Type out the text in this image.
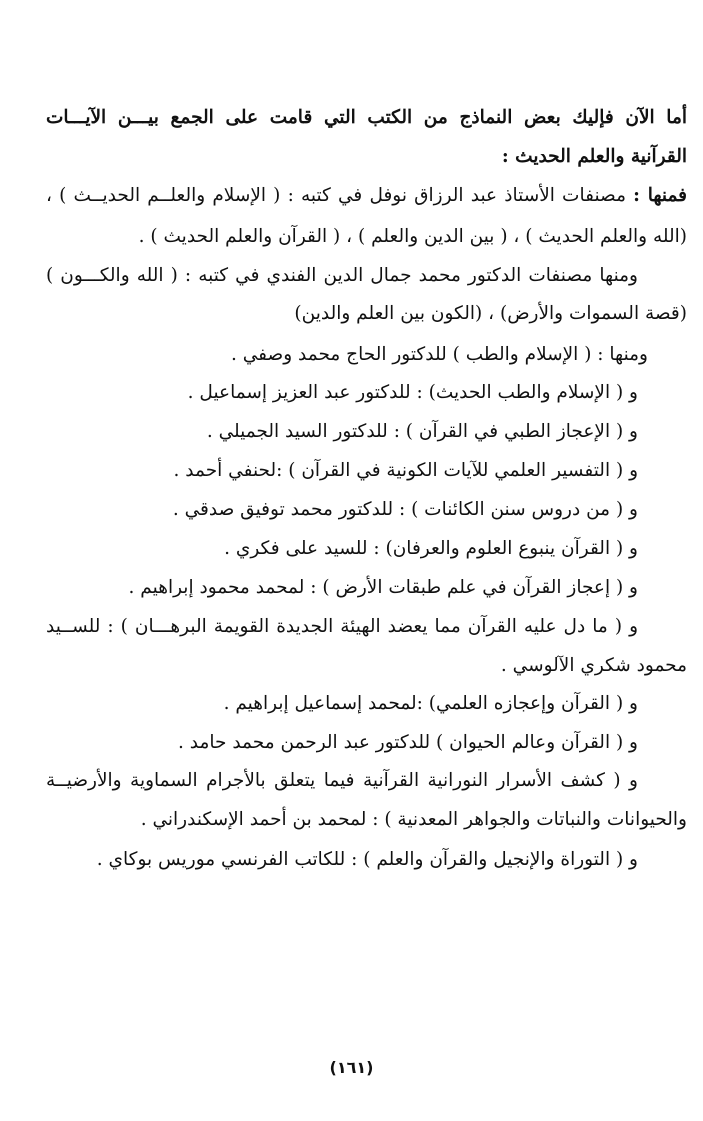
أما الآن فإليك بعض النماذج من الكتب التي قامت على الجمع بيـــن الآيـــات
القرآنية والعلم الحديث :
فمنها : مصنفات الأستاذ عبد الرزاق نوفل في كتبه : ( الإسلام والعلــم الحديــث ) ،
(الله والعلم الحديث ) ، ( بين الدين والعلم ) ، ( القرآن والعلم الحديث ) .
ومنها مصنفات الدكتور محمد جمال الدين الفندي في كتبه : ( الله والكـــون )
(قصة السموات والأرض) ، (الكون بين العلم والدين)
ومنها : ( الإسلام والطب ) للدكتور الحاج محمد وصفي .
و ( الإسلام والطب الحديث) : للدكتور عبد العزيز إسماعيل .
و ( الإعجاز الطبي في القرآن ) : للدكتور السيد الجميلي .
و ( التفسير العلمي للآيات الكونية في القرآن ) :لحنفي أحمد .
و ( من دروس سنن الكائنات ) : للدكتور محمد توفيق صدقي .
و ( القرآن ينبوع العلوم والعرفان) : للسيد على فكري .
و ( إعجاز القرآن في علم طبقات الأرض ) : لمحمد محمود إبراهيم .
و ( ما دل عليه القرآن مما يعضد الهيئة الجديدة القويمة البرهـــان ) : للســيد
محمود شكري الآلوسي .
و ( القرآن وإعجازه العلمي) :لمحمد إسماعيل إبراهيم .
و ( القرآن وعالم الحيوان ) للدكتور عبد الرحمن محمد حامد .
و ( كشف الأسرار النورانية القرآنية فيما يتعلق بالأجرام السماوية والأرضيــة
والحيوانات والنباتات والجواهر المعدنية ) : لمحمد بن أحمد الإسكندراني .
و ( التوراة والإنجيل والقرآن والعلم ) : للكاتب الفرنسي موريس بوكاي .
(١٦١)
